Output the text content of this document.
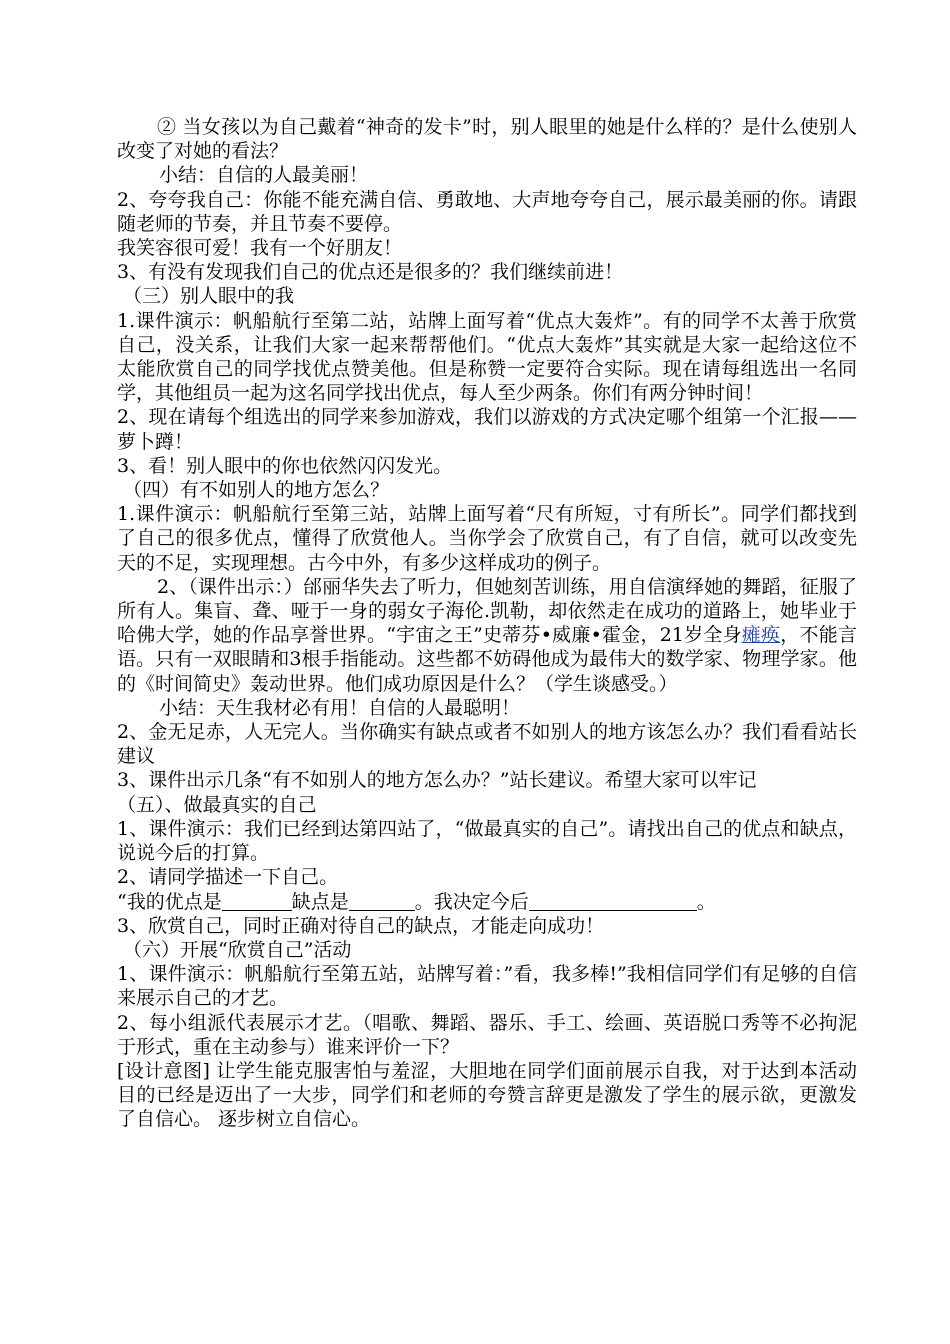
② 当女孩以为自己戴着“神奇的发卡”时，别人眼里的她是什么样的？是什么使别人改变了对她的看法？

小结：自信的人最美丽！

2、夸夸我自己：你能不能充满自信、勇敢地、大声地夸夸自己，展示最美丽的你。请跟随老师的节奏，并且节奏不要停。

我笑容很可爱！我有一个好朋友！

3、有没有发现我们自己的优点还是很多的？我们继续前进！

（三）别人眼中的我

1.课件演示：帆船航行至第二站，站牌上面写着“优点大轰炸”。有的同学不太善于欣赏自己，没关系，让我们大家一起来帮帮他们。“优点大轰炸”其实就是大家一起给这位不太能欣赏自己的同学找优点赞美他。但是称赞一定要符合实际。现在请每组选出一名同学，其他组员一起为这名同学找出优点，每人至少两条。你们有两分钟时间！

2、现在请每个组选出的同学来参加游戏，我们以游戏的方式决定哪个组第一个汇报——萝卜蹲！

3、看！别人眼中的你也依然闪闪发光。

（四）有不如别人的地方怎么？

1.课件演示：帆船航行至第三站，站牌上面写着“尺有所短，寸有所长”。同学们都找到了自己的很多优点，懂得了欣赏他人。当你学会了欣赏自己，有了自信，就可以改变先天的不足，实现理想。古今中外，有多少这样成功的例子。

2、（课件出示：）邰丽华失去了听力，但她刻苦训练，用自信演绎她的舞蹈，征服了所有人。集盲、聋、哑于一身的弱女子海伦.凯勒，却依然走在成功的道路上，她毕业于哈佛大学，她的作品享誉世界。“宇宙之王”史蒂芬•威廉•霍金，21岁全身瘫痪，不能言语。只有一双眼睛和3根手指能动。这些都不妨碍他成为最伟大的数学家、物理学家。他的《时间简史》轰动世界。他们成功原因是什么？（学生谈感受。）

小结：天生我材必有用！自信的人最聪明！

2、金无足赤，人无完人。当你确实有缺点或者不如别人的地方该怎么办？我们看看站长建议

3、课件出示几条“有不如别人的地方怎么办？”站长建议。希望大家可以牢记

（五）、做最真实的自己

1、课件演示：我们已经到达第四站了，“做最真实的自己”。请找出自己的优点和缺点，说说今后的打算。

2、请同学描述一下自己。

“我的优点是	缺点是	。我决定今后	。

3、欣赏自己，同时正确对待自己的缺点，才能走向成功！

（六）开展“欣赏自己”活动

1、课件演示：帆船航行至第五站，站牌写着：”看，我多棒!”我相信同学们有足够的自信来展示自己的才艺。

2、每小组派代表展示才艺。（唱歌、舞蹈、器乐、手工、绘画、英语脱口秀等不必拘泥于形式，重在主动参与）谁来评价一下？

[设计意图] 让学生能克服害怕与羞涩，大胆地在同学们面前展示自我，对于达到本活动目的已经是迈出了一大步，同学们和老师的夸赞言辞更是激发了学生的展示欲，更激发了自信心。 逐步树立自信心。
